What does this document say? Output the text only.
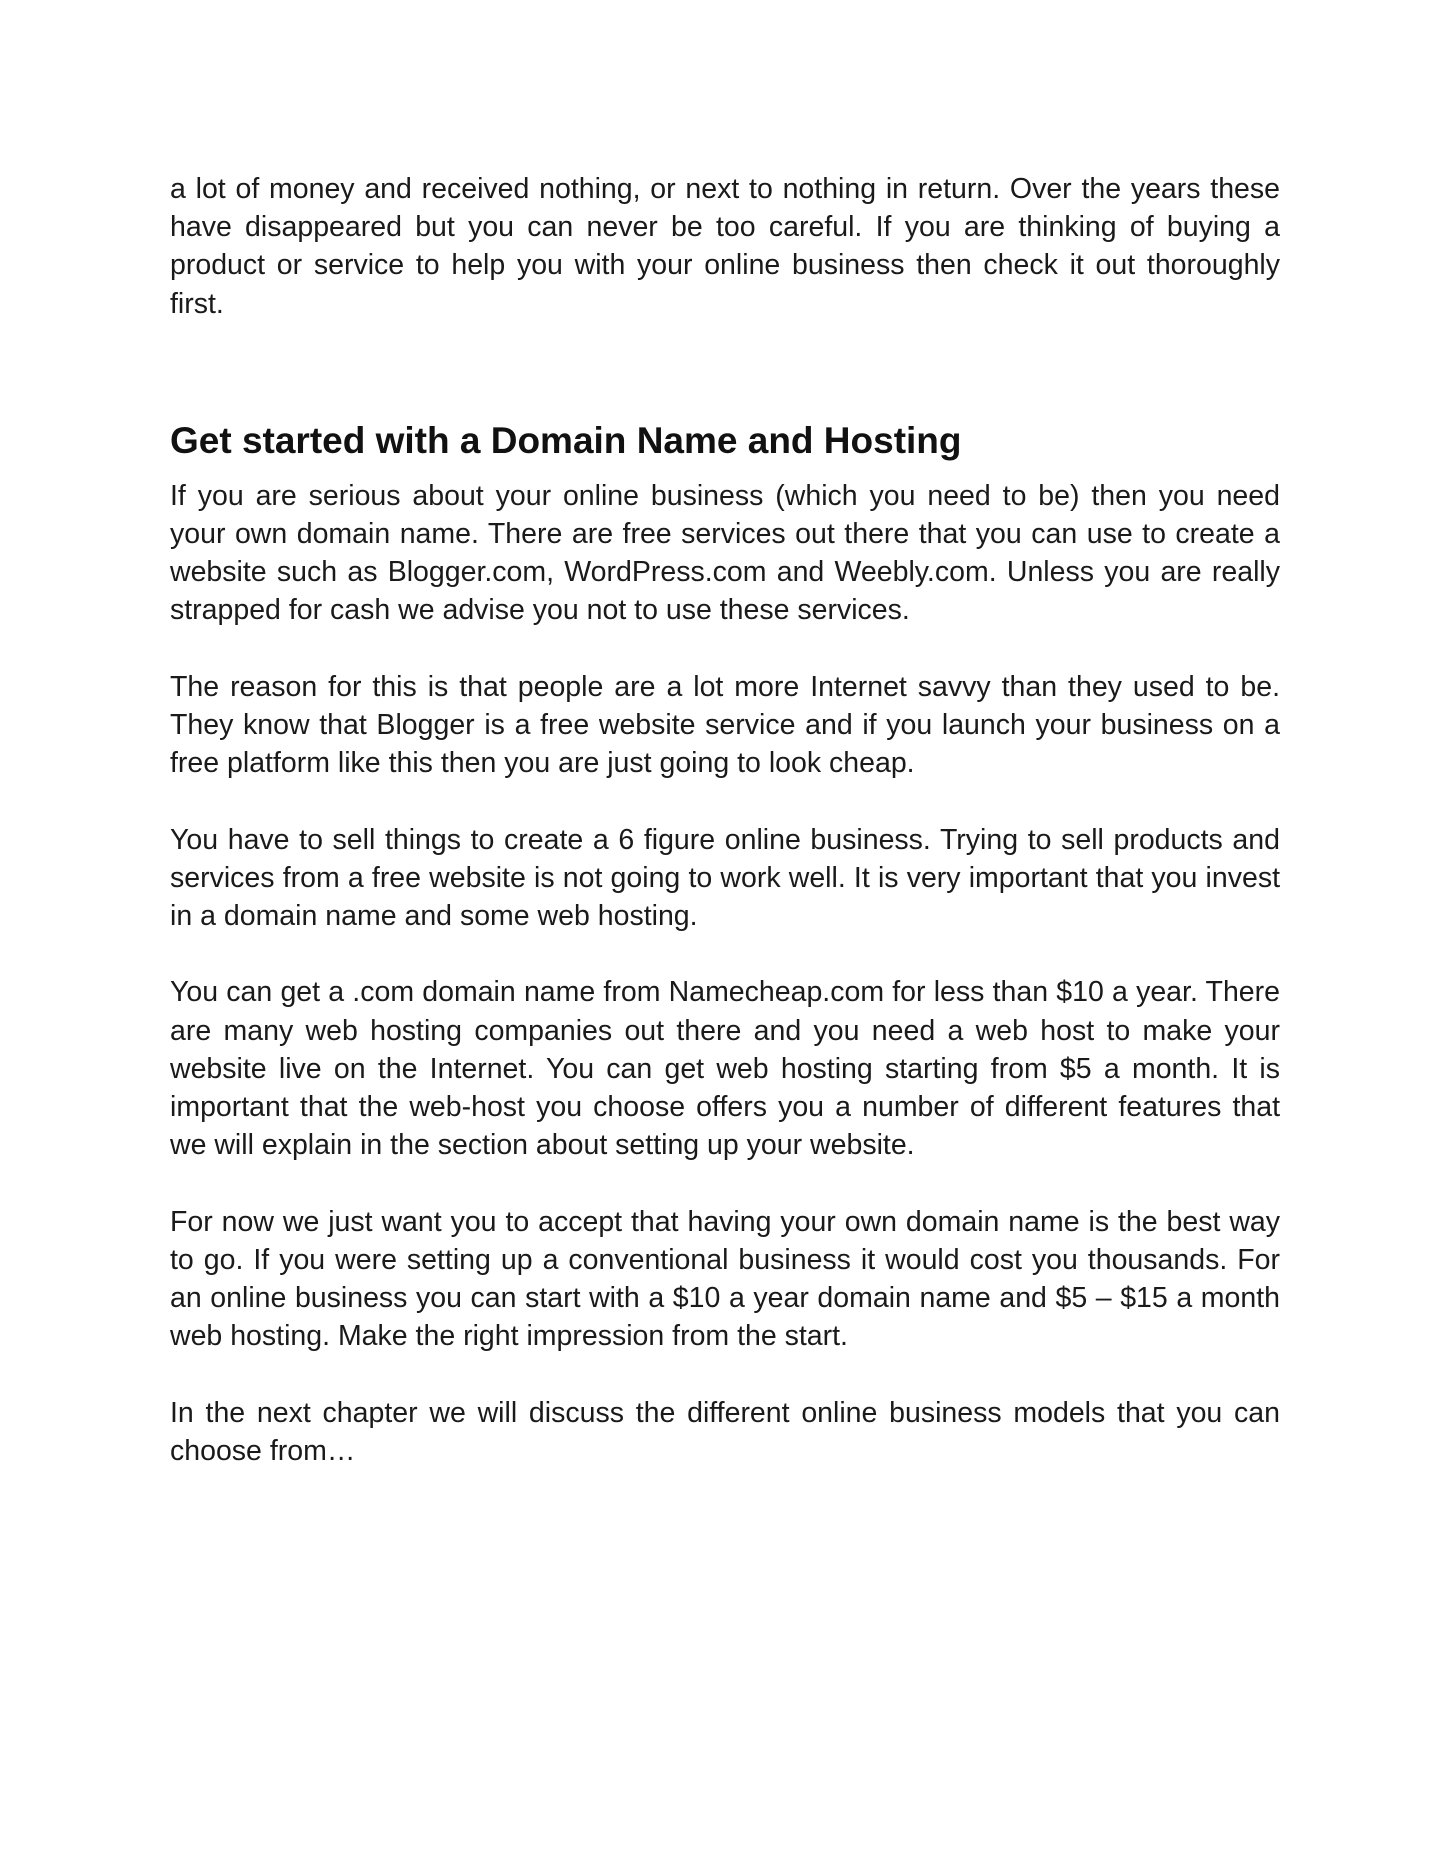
a lot of money and received nothing, or next to nothing in return. Over the years these have disappeared but you can never be too careful. If you are thinking of buying a product or service to help you with your online business then check it out thoroughly first.

Get started with a Domain Name and Hosting

If you are serious about your online business (which you need to be) then you need your own domain name. There are free services out there that you can use to create a website such as Blogger.com, WordPress.com and Weebly.com. Unless you are really strapped for cash we advise you not to use these services.

The reason for this is that people are a lot more Internet savvy than they used to be. They know that Blogger is a free website service and if you launch your business on a free platform like this then you are just going to look cheap.

You have to sell things to create a 6 figure online business. Trying to sell products and services from a free website is not going to work well. It is very important that you invest in a domain name and some web hosting.

You can get a .com domain name from Namecheap.com for less than $10 a year. There are many web hosting companies out there and you need a web host to make your website live on the Internet. You can get web hosting starting from $5 a month. It is important that the web-host you choose offers you a number of different features that we will explain in the section about setting up your website.

For now we just want you to accept that having your own domain name is the best way to go. If you were setting up a conventional business it would cost you thousands. For an online business you can start with a $10 a year domain name and $5 – $15 a month web hosting. Make the right impression from the start.

In the next chapter we will discuss the different online business models that you can choose from…
